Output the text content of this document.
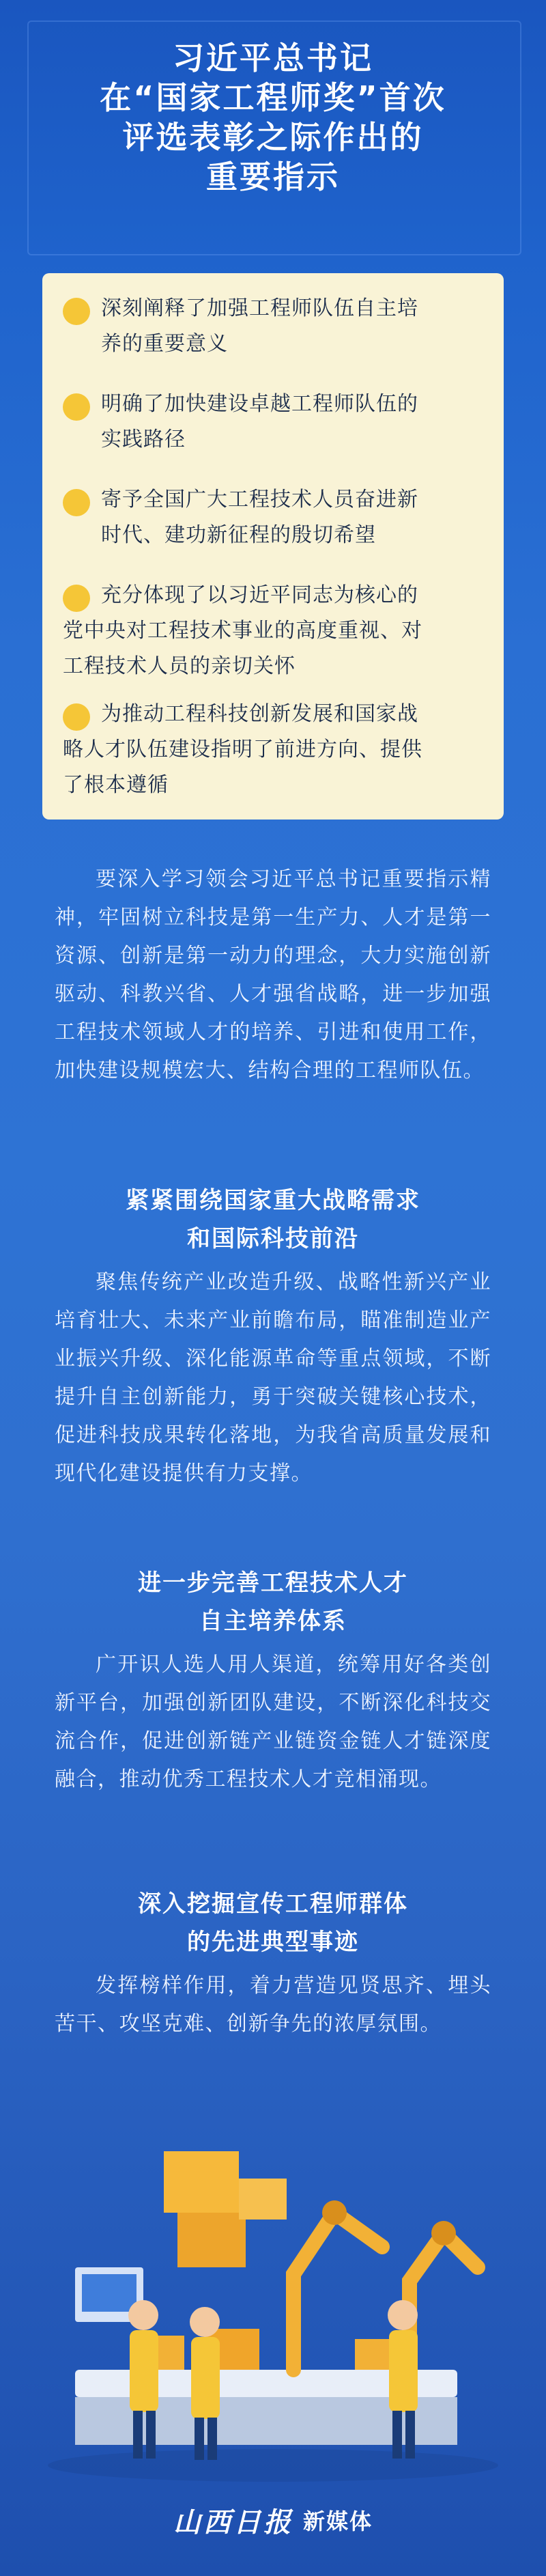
习近平总书记
在“国家工程师奖”首次
评选表彰之际作出的
重要指示
深刻阐释了加强工程师队伍自主培
养的重要意义
明确了加快建设卓越工程师队伍的
实践路径
寄予全国广大工程技术人员奋进新
时代、建功新征程的殷切希望
充分体现了以习近平同志为核心的
党中央对工程技术事业的高度重视、对
工程技术人员的亲切关怀
为推动工程科技创新发展和国家战
略人才队伍建设指明了前进方向、提供
了根本遵循

要深入学习领会习近平总书记重要指示精神，牢固树立科技是第一生产力、人才是第一资源、创新是第一动力的理念，大力实施创新驱动、科教兴省、人才强省战略，进一步加强工程技术领域人才的培养、引进和使用工作，加快建设规模宏大、结构合理的工程师队伍。

紧紧围绕国家重大战略需求
和国际科技前沿

聚焦传统产业改造升级、战略性新兴产业培育壮大、未来产业前瞻布局，瞄准制造业产业振兴升级、深化能源革命等重点领域，不断提升自主创新能力，勇于突破关键核心技术，促进科技成果转化落地，为我省高质量发展和现代化建设提供有力支撑。

进一步完善工程技术人才
自主培养体系

广开识人选人用人渠道，统筹用好各类创新平台，加强创新团队建设，不断深化科技交流合作，促进创新链产业链资金链人才链深度融合，推动优秀工程技术人才竞相涌现。

深入挖掘宣传工程师群体
的先进典型事迹

发挥榜样作用，着力营造见贤思齐、埋头苦干、攻坚克难、创新争先的浓厚氛围。

山西日报 新媒体
